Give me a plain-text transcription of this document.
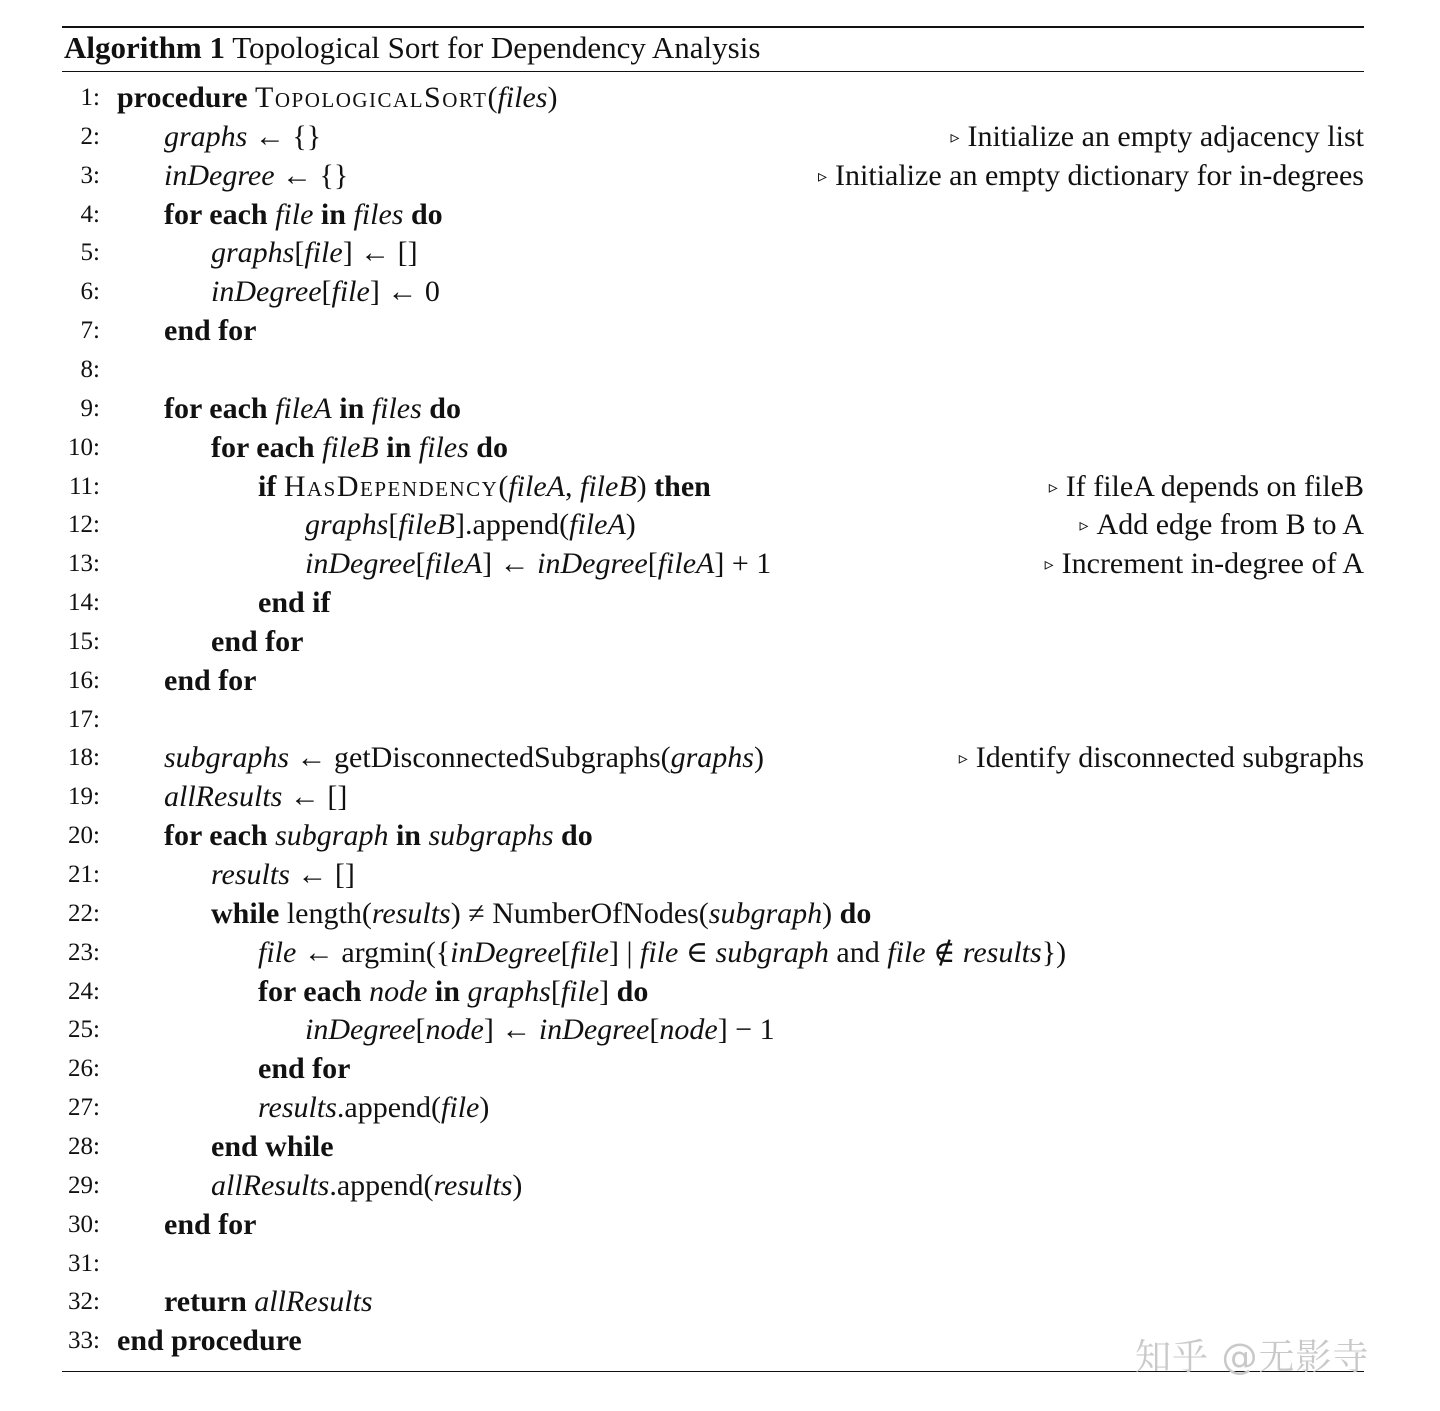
Algorithm 1 Topological Sort for Dependency Analysis
1: procedure TopologicalSort(files)
2: graphs ← {}	▹ Initialize an empty adjacency list
3: inDegree ← {}	▹ Initialize an empty dictionary for in-degrees
4: for each file in files do
5:	graphs[file] ← []
6:	inDegree[file] ← 0
7: end for
8:
9: for each fileA in files do
10:	for each fileB in files do
11:	if HasDependency(fileA, fileB) then	▹ If fileA depends on fileB
12:	graphs[fileB].append(fileA)	▹ Add edge from B to A
13:	inDegree[fileA] ← inDegree[fileA] + 1	▹ Increment in-degree of A
14:	end if
15:	end for
16: end for
17:
18: subgraphs ← getDisconnectedSubgraphs(graphs)	▹ Identify disconnected subgraphs
19: allResults ← []
20: for each subgraph in subgraphs do
21:	results ← []
22:	while length(results) ≠ NumberOfNodes(subgraph) do
23:	file ← argmin({inDegree[file] | file ∈ subgraph and file ∉ results})
24:	for each node in graphs[file] do
25:	inDegree[node] ← inDegree[node] − 1
26:	end for
27:	results.append(file)
28:	end while
29:	allResults.append(results)
30: end for
31:
32: return allResults
33: end procedure	知乎 @无影寺
